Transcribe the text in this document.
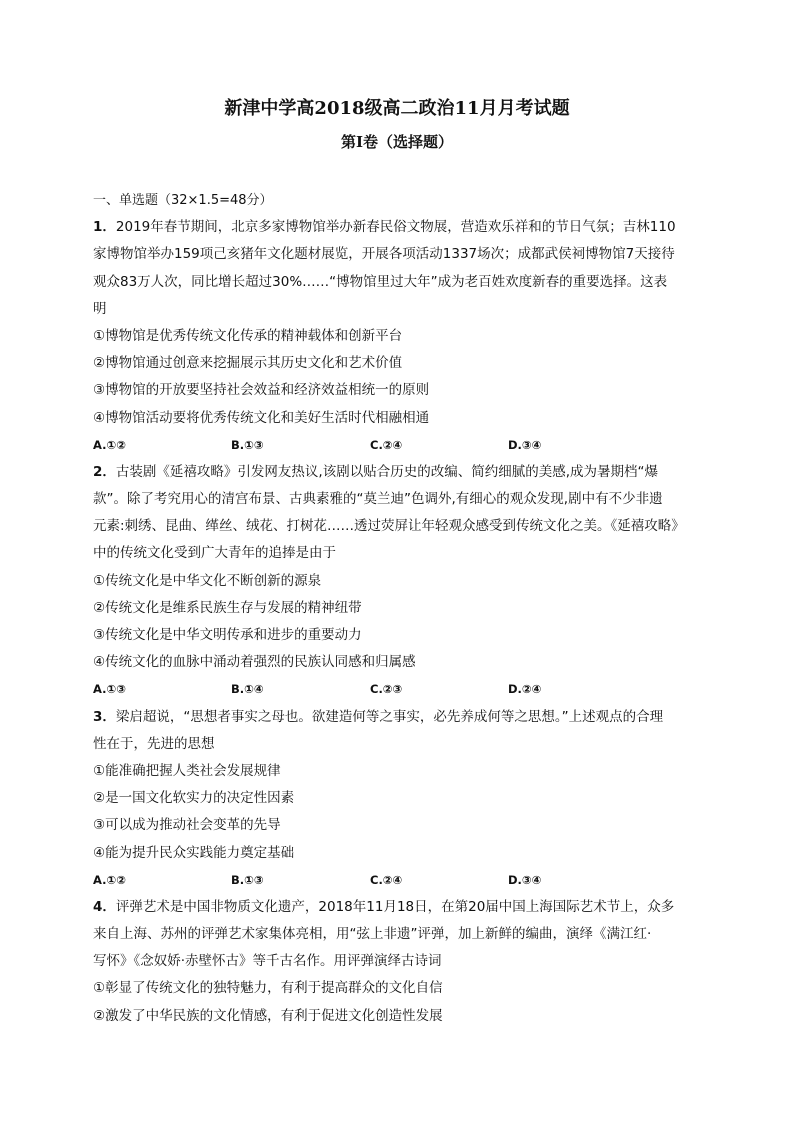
新津中学高2018级高二政治11月月考试题
第Ⅰ卷（选择题）
一、单选题（32×1.5=48分）
1．2019年春节期间，北京多家博物馆举办新春民俗文物展，营造欢乐祥和的节日气氛；吉林110
家博物馆举办159项己亥猪年文化题材展览，开展各项活动1337场次；成都武侯祠博物馆7天接待
观众83万人次，同比增长超过30%……“博物馆里过大年”成为老百姓欢度新春的重要选择。这表
明
①博物馆是优秀传统文化传承的精神载体和创新平台
②博物馆通过创意来挖掘展示其历史文化和艺术价值
③博物馆的开放要坚持社会效益和经济效益相统一的原则
④博物馆活动要将优秀传统文化和美好生活时代相融相通
A.①②	B.①③	C.②④	D.③④
2．古装剧《延禧攻略》引发网友热议,该剧以贴合历史的改编、简约细腻的美感,成为暑期档“爆
款”。除了考究用心的清宫布景、古典素雅的“莫兰迪”色调外,有细心的观众发现,剧中有不少非遗
元素:刺绣、昆曲、缂丝、绒花、打树花……透过荧屏让年轻观众感受到传统文化之美。《延禧攻略》
中的传统文化受到广大青年的追捧是由于
①传统文化是中华文化不断创新的源泉
②传统文化是维系民族生存与发展的精神纽带
③传统文化是中华文明传承和进步的重要动力
④传统文化的血脉中涌动着强烈的民族认同感和归属感
A.①③	B.①④	C.②③	D.②④
3．梁启超说，“思想者事实之母也。欲建造何等之事实，必先养成何等之思想。”上述观点的合理
性在于，先进的思想
①能准确把握人类社会发展规律
②是一国文化软实力的决定性因素
③可以成为推动社会变革的先导
④能为提升民众实践能力奠定基础
A.①②	B.①③	C.②④	D.③④
4．评弹艺术是中国非物质文化遗产，2018年11月18日，在第20届中国上海国际艺术节上，众多
来自上海、苏州的评弹艺术家集体亮相，用“弦上非遗”评弹，加上新鲜的编曲，演绎《满江红·
写怀》《念奴娇·赤壁怀古》等千古名作。用评弹演绎古诗词
①彰显了传统文化的独特魅力，有利于提高群众的文化自信
②激发了中华民族的文化情感，有利于促进文化创造性发展
